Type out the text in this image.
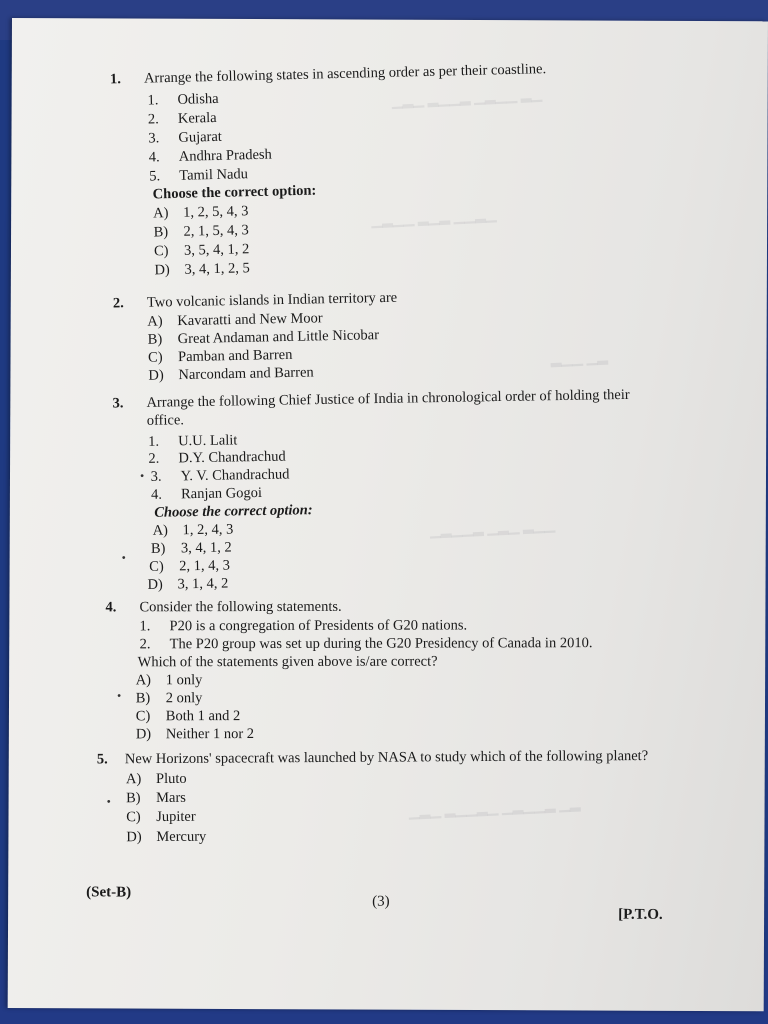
▁▂▁ ▂▁▁▂ ▁▂▁▁ ▂▁
▁▂▁▁ ▂▁▂ ▁▁▂▁
▂▁▁ ▁▂
▁▂▁▁▂ ▁▂▁ ▂▁▁
▁▂▁ ▂▁▁▂▁ ▁▂▁▁▂ ▁▂
1. Arrange the following states in ascending order as per their coastline.
1. Odisha
2. Kerala
3. Gujarat
4. Andhra Pradesh
5. Tamil Nadu
Choose the correct option:
A) 1, 2, 5, 4, 3
B) 2, 1, 5, 4, 3
C) 3, 5, 4, 1, 2
D) 3, 4, 1, 2, 5
2. Two volcanic islands in Indian territory are
A) Kavaratti and New Moor
B) Great Andaman and Little Nicobar
C) Pamban and Barren
D) Narcondam and Barren
3. Arrange the following Chief Justice of India in chronological order of holding their
office.
1. U.U. Lalit
2. D.Y. Chandrachud
3. Y. V. Chandrachud
4. Ranjan Gogoi
Choose the correct option:
A) 1, 2, 4, 3
B) 3, 4, 1, 2
C) 2, 1, 4, 3
D) 3, 1, 4, 2
4. Consider the following statements.
1. P20 is a congregation of Presidents of G20 nations.
2. The P20 group was set up during the G20 Presidency of Canada in 2010.
Which of the statements given above is/are correct?
A) 1 only
B) 2 only
C) Both 1 and 2
D) Neither 1 nor 2
5. New Horizons' spacecraft was launched by NASA to study which of the following planet?
A) Pluto
B) Mars
C) Jupiter
D) Mercury
•
•
•
•
(Set-B)
(3)
[P.T.O.
